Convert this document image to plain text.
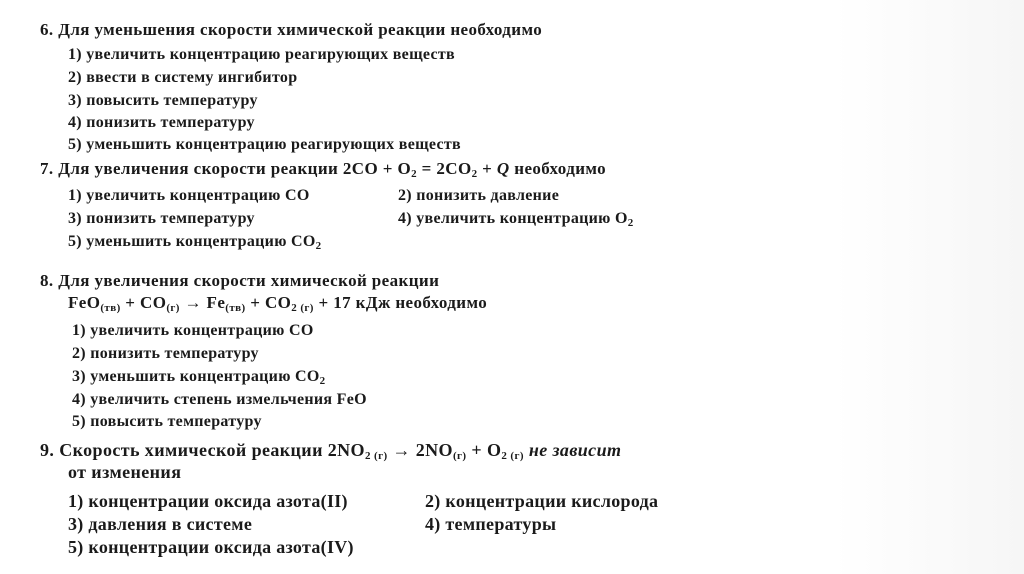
6. Для уменьшения скорости химической реакции необходимо
1) увеличить концентрацию реагирующих веществ
2) ввести в систему ингибитор
3) повысить температуру
4) понизить температуру
5) уменьшить концентрацию реагирующих веществ
7. Для увеличения скорости реакции $2CO + O_2 = 2CO_2 + Q$ необходимо
1) увеличить концентрацию CO	2) понизить давление
3) понизить температуру	4) увеличить концентрацию $O_2$
5) уменьшить концентрацию $CO_2$
8. Для увеличения скорости химической реакции
$FeO_{(тв)} + CO_{(г)} \to Fe_{(тв)} + CO_{2 (г)} + 17$ кДж необходимо
1) увеличить концентрацию CO
2) понизить температуру
3) уменьшить концентрацию $CO_2$
4) увеличить степень измельчения FeO
5) повысить температуру
9. Скорость химической реакции $2NO_{2 (г)} \to 2NO_{(г)} + O_{2 (г)}$ не зависит
от изменения
1) концентрации оксида азота(II)	2) концентрации кислорода
3) давления в системе	4) температуры
5) концентрации оксида азота(IV)
